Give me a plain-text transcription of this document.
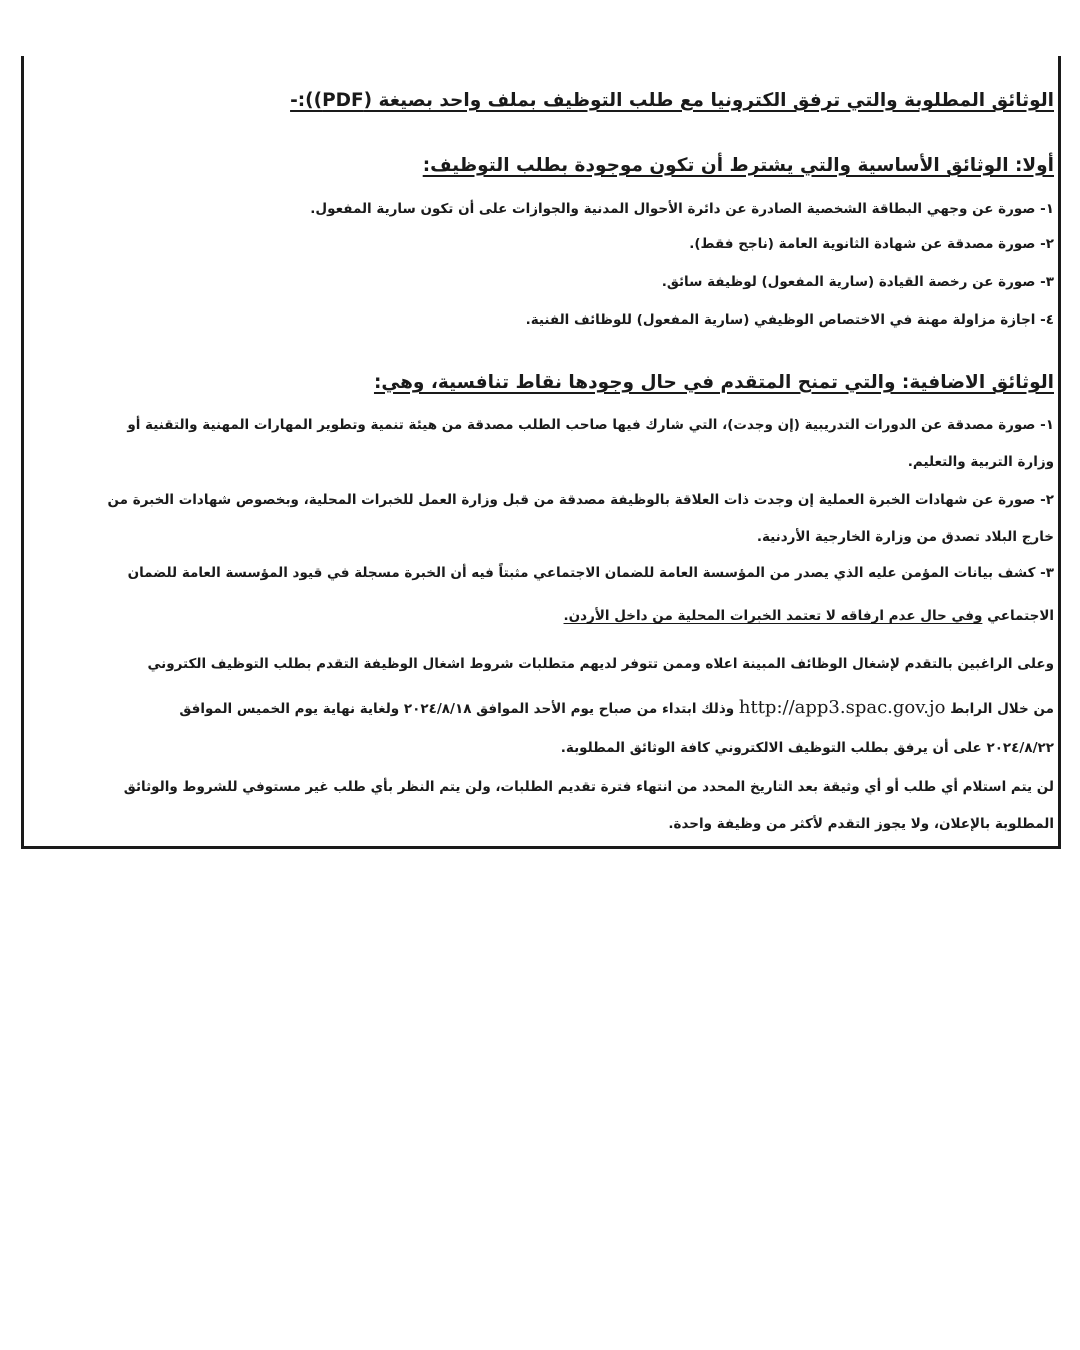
الوثائق المطلوبة والتي ترفق الكترونيا مع طلب التوظيف بملف واحد بصيغة (PDF)):-
أولا: الوثائق الأساسية والتي يشترط أن تكون موجودة بطلب التوظيف:
١- صورة عن وجهي البطاقة الشخصية الصادرة عن دائرة الأحوال المدنية والجوازات على أن تكون سارية المفعول.
٢- صورة مصدقة عن شهادة الثانوية العامة (ناجح فقط).
٣- صورة عن رخصة القيادة (سارية المفعول) لوظيفة سائق.
٤- اجازة مزاولة مهنة في الاختصاص الوظيفي (سارية المفعول) للوظائف الفنية.
الوثائق الاضافية: والتي تمنح المتقدم في حال وجودها نقاط تنافسية، وهي:
١- صورة مصدقة عن الدورات التدريبية (إن وجدت)، التي شارك فيها صاحب الطلب مصدقة من هيئة تنمية وتطوير المهارات المهنية والتقنية أو
وزارة التربية والتعليم.
٢- صورة عن شهادات الخبرة العملية إن وجدت ذات العلاقة بالوظيفة مصدقة من قبل وزارة العمل للخبرات المحلية، وبخصوص شهادات الخبرة من
خارج البلاد تصدق من وزارة الخارجية الأردنية.
٣- كشف بيانات المؤمن عليه الذي يصدر من المؤسسة العامة للضمان الاجتماعي مثبتاً فيه أن الخبرة مسجلة في قيود المؤسسة العامة للضمان
الاجتماعي وفي حال عدم ارفاقه لا تعتمد الخبرات المحلية من داخل الأردن.
وعلى الراغبين بالتقدم لإشغال الوظائف المبينة اعلاه وممن تتوفر لديهم متطلبات شروط اشغال الوظيفة التقدم بطلب التوظيف الكتروني
من خلال الرابط http://app3.spac.gov.jo وذلك ابتداء من صباح يوم الأحد الموافق ٢٠٢٤/٨/١٨ ولغاية نهاية يوم الخميس الموافق
٢٠٢٤/٨/٢٢ على أن يرفق بطلب التوظيف الالكتروني كافة الوثائق المطلوبة.
لن يتم استلام أي طلب أو أي وثيقة بعد التاريخ المحدد من انتهاء فترة تقديم الطلبات، ولن يتم النظر بأي طلب غير مستوفي للشروط والوثائق
المطلوبة بالإعلان، ولا يجوز التقدم لأكثر من وظيفة واحدة.
